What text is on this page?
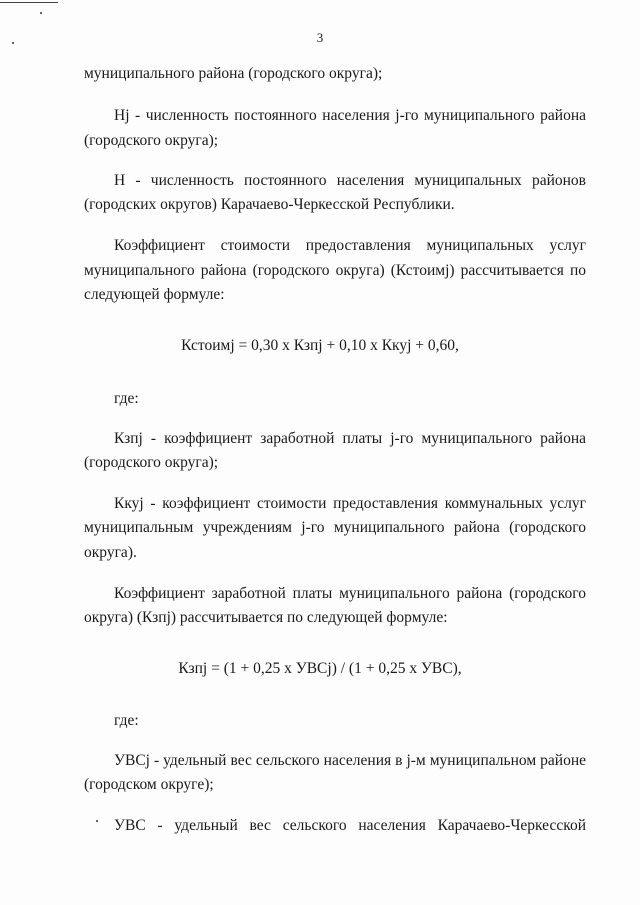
3
муниципального района (городского округа);
Hj - численность постоянного населения j-го муниципального района
(городского округа);
Н - численность постоянного населения муниципальных районов
(городских округов) Карачаево-Черкесской Республики.
Коэффициент стоимости предоставления муниципальных услуг
муниципального района (городского округа) (Кстоимj) рассчитывается по
следующей формуле:
Кстоимj = 0,30 x Кзпj + 0,10 x Ккуj + 0,60,
где:
Кзпj - коэффициент заработной платы j-го муниципального района
(городского округа);
Ккуj - коэффициент стоимости предоставления коммунальных услуг
муниципальным учреждениям j-го муниципального района (городского
округа).
Коэффициент заработной платы муниципального района (городского
округа) (Кзпj) рассчитывается по следующей формуле:
Кзпj = (1 + 0,25 x УВСj) / (1 + 0,25 x УВС),
где:
УВСj - удельный вес сельского населения в j-м муниципальном районе
(городском округе);
УВС - удельный вес сельского населения Карачаево-Черкесской
